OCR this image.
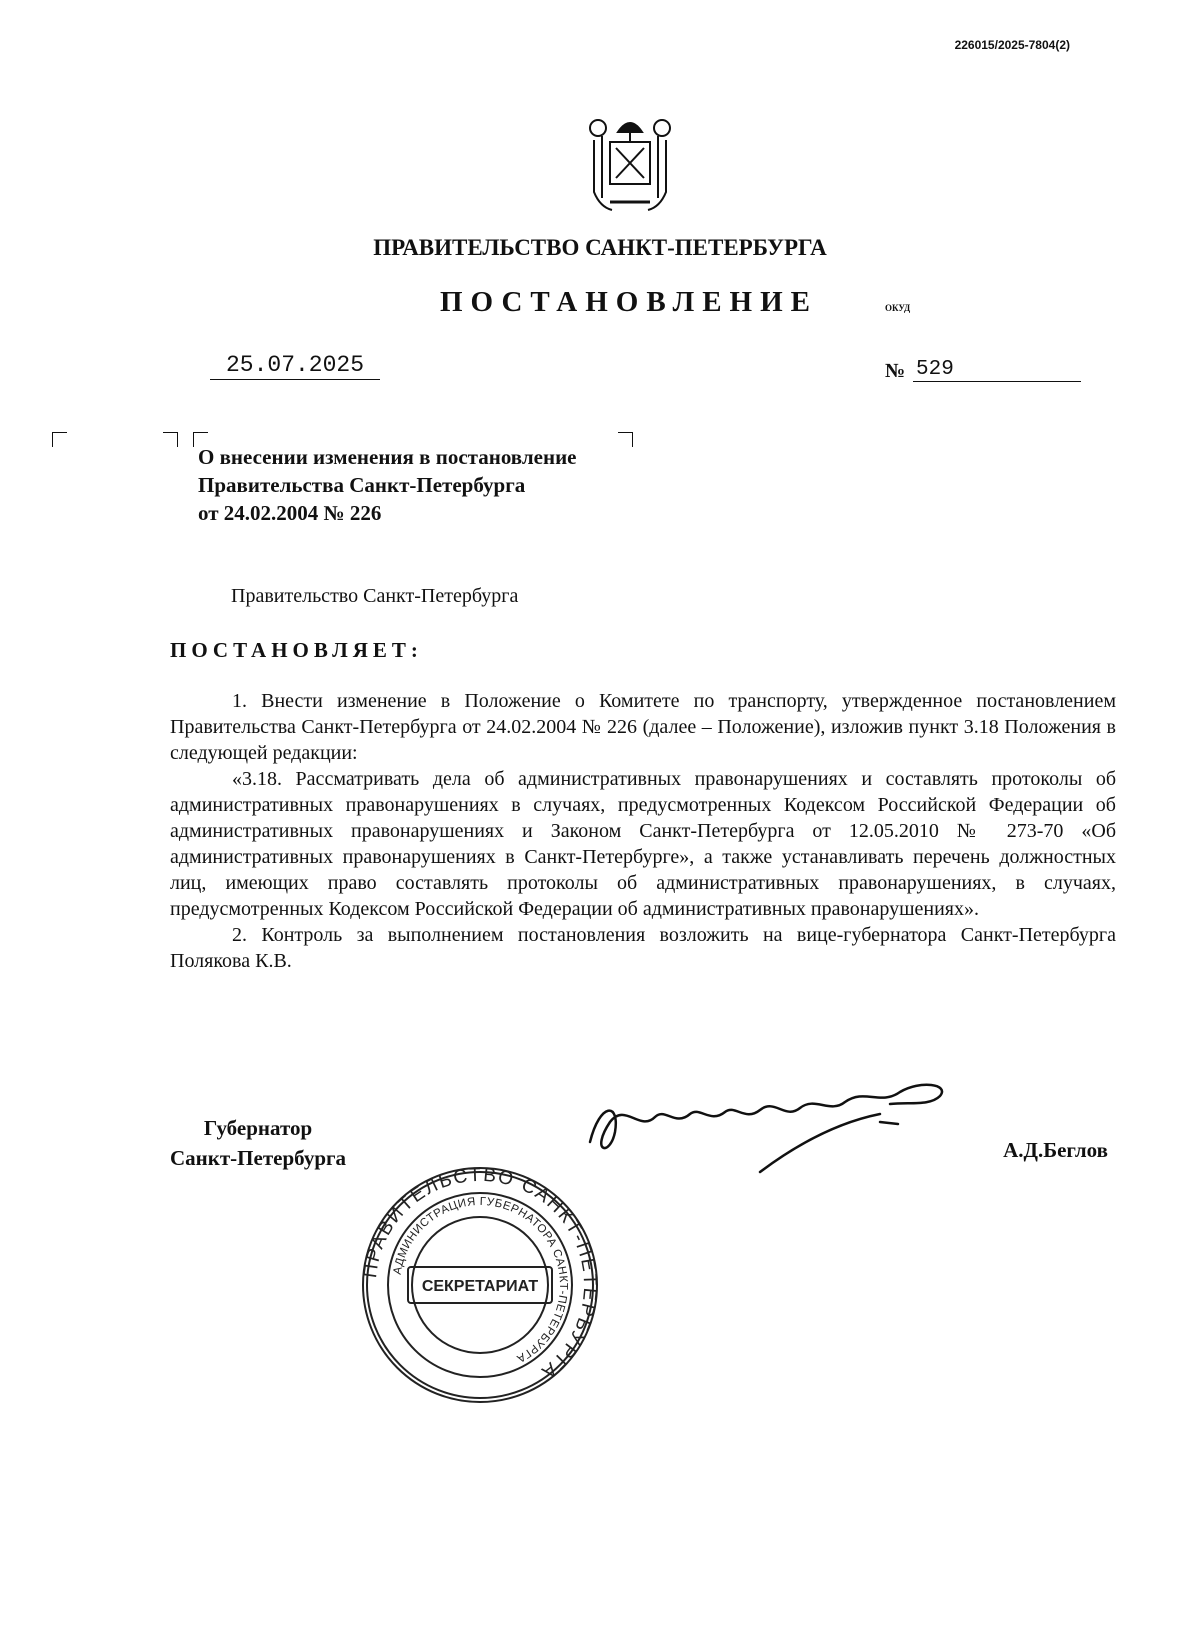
226015/2025-7804(2)
ПРАВИТЕЛЬСТВО САНКТ-ПЕТЕРБУРГА
ПОСТАНОВЛЕНИЕ	ОКУД
25.07.2025	№ 529
О внесении изменения в постановление
Правительства Санкт-Петербурга
от 24.02.2004 № 226
Правительство Санкт-Петербурга
ПОСТАНОВЛЯЕТ:

1. Внести изменение в Положение о Комитете по транспорту, утвержденное постановлением Правительства Санкт-Петербурга от 24.02.2004 № 226 (далее – Положение), изложив пункт 3.18 Положения в следующей редакции:

«3.18. Рассматривать дела об административных правонарушениях и составлять протоколы об административных правонарушениях в случаях, предусмотренных Кодексом Российской Федерации об административных правонарушениях и Законом Санкт-Петербурга от 12.05.2010 № 273-70 «Об административных правонарушениях в Санкт-Петербурге», а также устанавливать перечень должностных лиц, имеющих право составлять протоколы об административных правонарушениях, в случаях, предусмотренных Кодексом Российской Федерации об административных правонарушениях».

2. Контроль за выполнением постановления возложить на вице-губернатора Санкт-Петербурга Полякова К.В.

Губернатор
Санкт-Петербурга	А.Д.Беглов
ПРАВИТЕЛЬСТВО САНКТ-ПЕТЕРБУРГА
АДМИНИСТРАЦИЯ ГУБЕРНАТОРА САНКТ-ПЕТЕРБУРГА
СЕКРЕТАРИАТ
